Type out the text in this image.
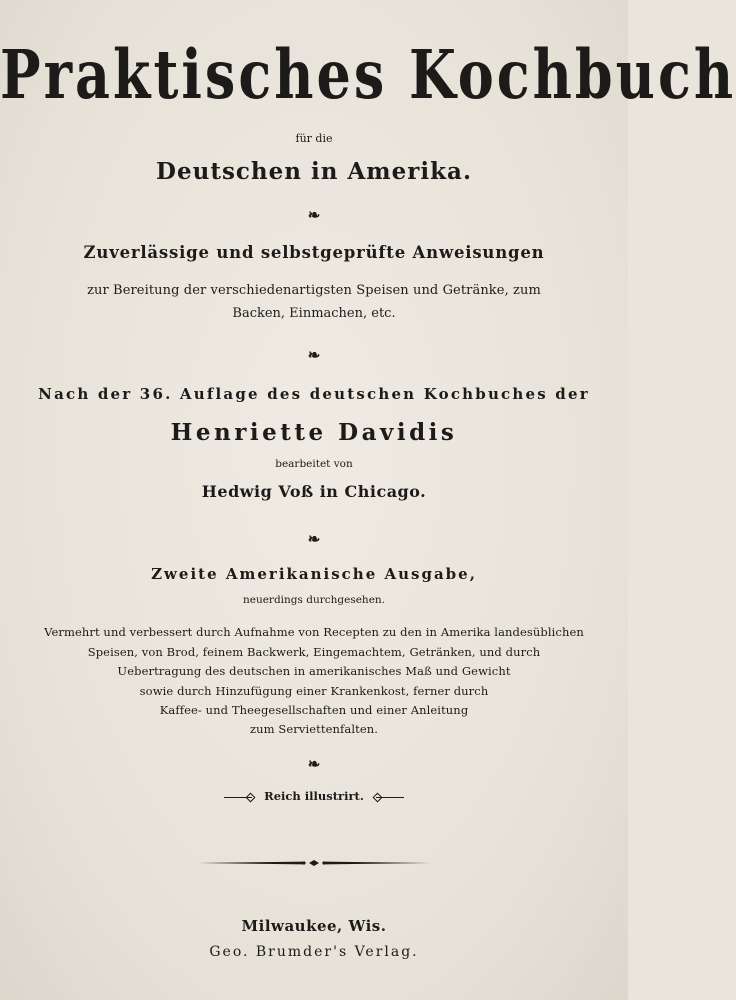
Praktisches Kochbuch
für die
Deutschen in Amerika.
❧
Zuverlässige und selbstgeprüfte Anweisungen
zur Bereitung der verschiedenartigsten Speisen und Getränke, zum
Backen, Einmachen, etc.
❧
Nach der 36. Auflage des deutschen Kochbuches der
Henriette Davidis
bearbeitet von
Hedwig Voß in Chicago.
❧
Zweite Amerikanische Ausgabe,
neuerdings durchgesehen.
Vermehrt und verbessert durch Aufnahme von Recepten zu den in Amerika landesüblichen
Speisen, von Brod, feinem Backwerk, Eingemachtem, Getränken, und durch
Uebertragung des deutschen in amerikanisches Maß und Gewicht
sowie durch Hinzufügung einer Krankenkost, ferner durch
Kaffee- und Theegesellschaften und einer Anleitung
zum Serviettenfalten.
❧
Reich illustrirt.
Milwaukee, Wis.
Geo. Brumder's Verlag.
